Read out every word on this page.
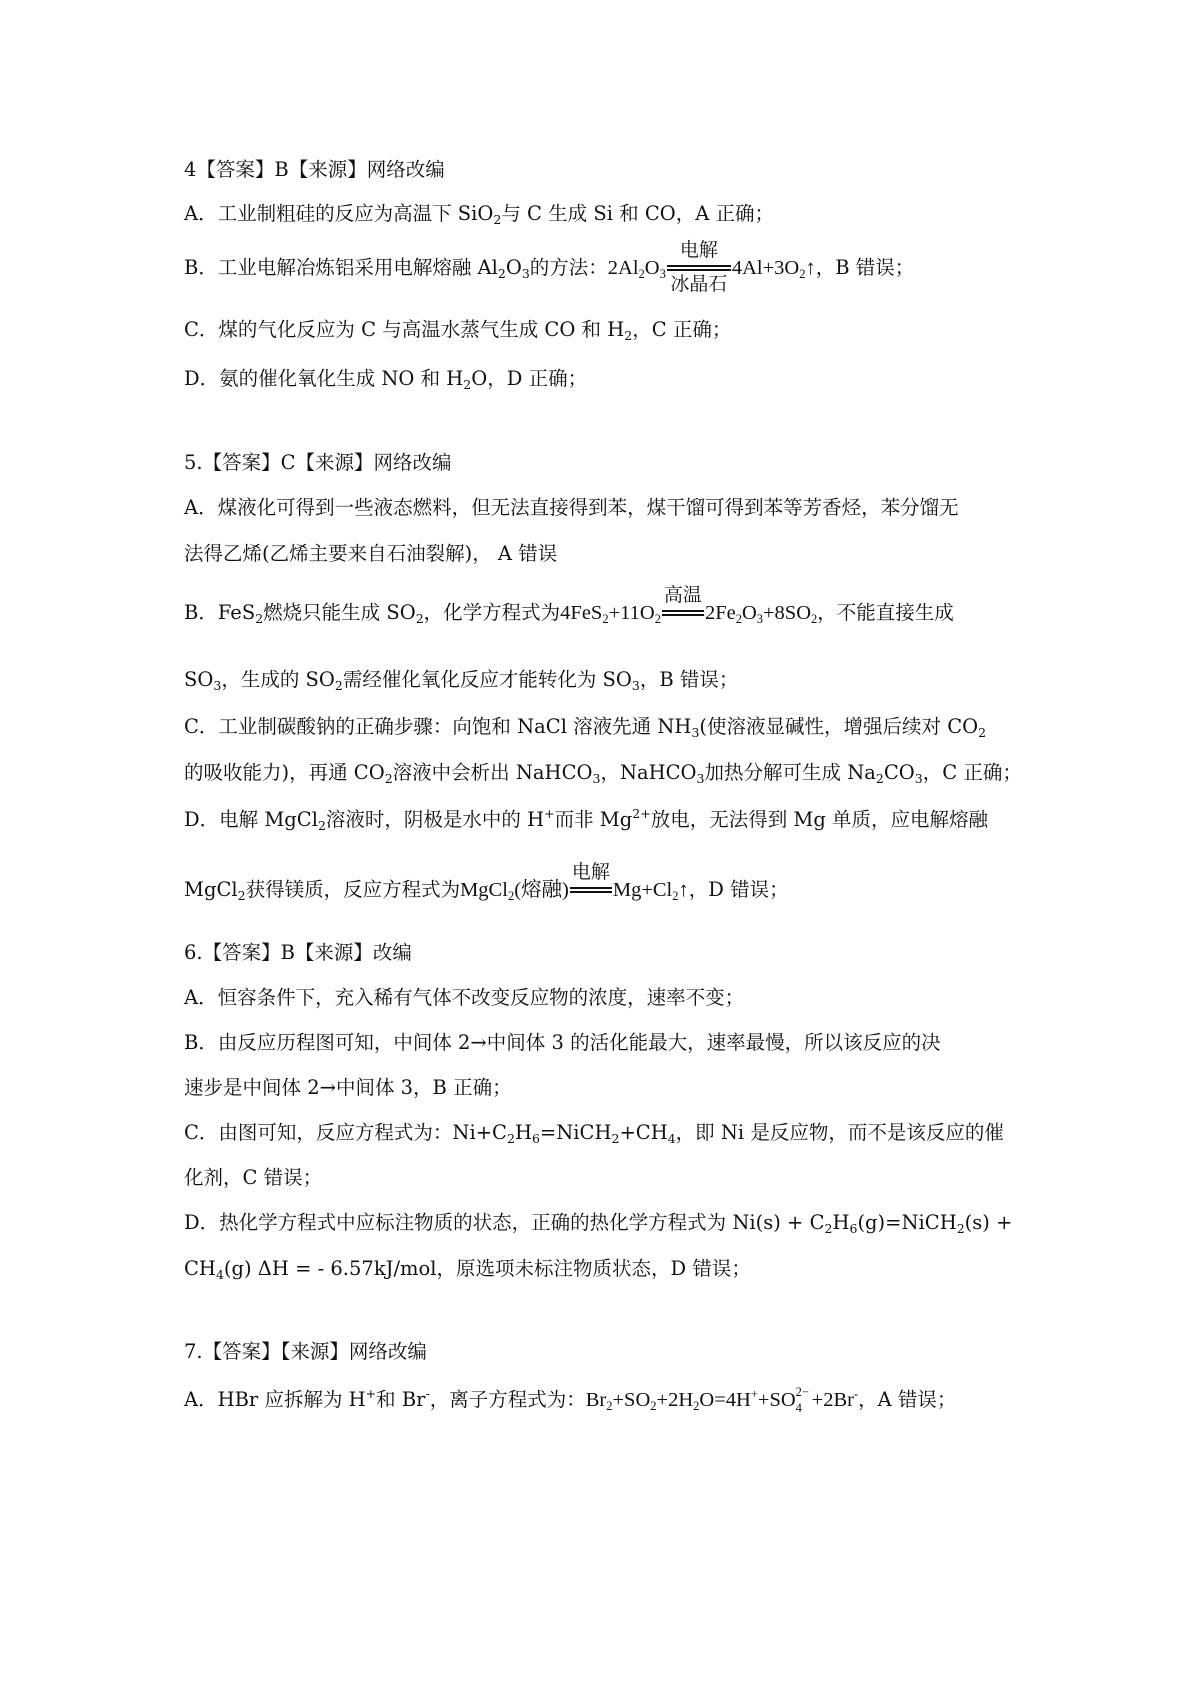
4【答案】B【来源】网络改编
A．工业制粗硅的反应为高温下 SiO$_2$与 C 生成 Si 和 CO，A 正确；
B．工业电解冶炼铝采用电解熔融 $Al_2O_3$的方法：$2Al_2O_3$
电解
冰晶石
$4Al+3O_2↑$，B 错误；
C．煤的气化反应为 C 与高温水蒸气生成 CO 和 $H_2$，C 正确；
D．氨的催化氧化生成 NO 和 $H_2O$，D 正确；
5.【答案】C【来源】网络改编
A．煤液化可得到一些液态燃料，但无法直接得到苯，煤干馏可得到苯等芳香烃，苯分馏无
法得乙烯(乙烯主要来自石油裂解)， A 错误
B．FeS$_2$燃烧只能生成 $SO_2$，化学方程式为$4FeS_2+11O_2$
高温
$2Fe_2O_3+8SO_2$，不能直接生成
$SO_3$，生成的 $SO_2$需经催化氧化反应才能转化为 $SO_3$，B 错误；
C．工业制碳酸钠的正确步骤：向饱和 NaCl 溶液先通 $NH_3$(使溶液显碱性，增强后续对 $CO_2$
的吸收能力)，再通 $CO_2$溶液中会析出 NaHCO$_3$，NaHCO$_3$加热分解可生成 $Na_2CO_3$，C 正确；
D．电解 MgCl$_2$溶液时，阴极是水中的 H+而非 $Mg^{2+}$放电，无法得到 Mg 单质，应电解熔融
MgCl$_2$获得镁质，反应方程式为MgCl$_2$(熔融)
电解
$Mg+Cl_2↑$，D 错误；
6.【答案】B【来源】改编
A．恒容条件下，充入稀有气体不改变反应物的浓度，速率不变；
B．由反应历程图可知，中间体 2→中间体 3 的活化能最大，速率最慢，所以该反应的决
速步是中间体 2→中间体 3，B 正确；
C．由图可知，反应方程式为：$Ni+C_2H_6=NiCH_2+CH_4$，即 Ni 是反应物，而不是该反应的催
化剂，C 错误；
D．热化学方程式中应标注物质的状态，正确的热化学方程式为 $Ni(s) + C_2H_6(g)=NiCH_2(s)$ +
$CH_4(g) \Delta H$ = - 6.57kJ/mol，原选项未标注物质状态，D 错误；
7.【答案】【来源】网络改编
A．HBr 应拆解为 H+和 Br-，离子方程式为：$Br_2+SO_2+2H_2O=4H^++SO$ 2−
4 +2Br-，A 错误；
